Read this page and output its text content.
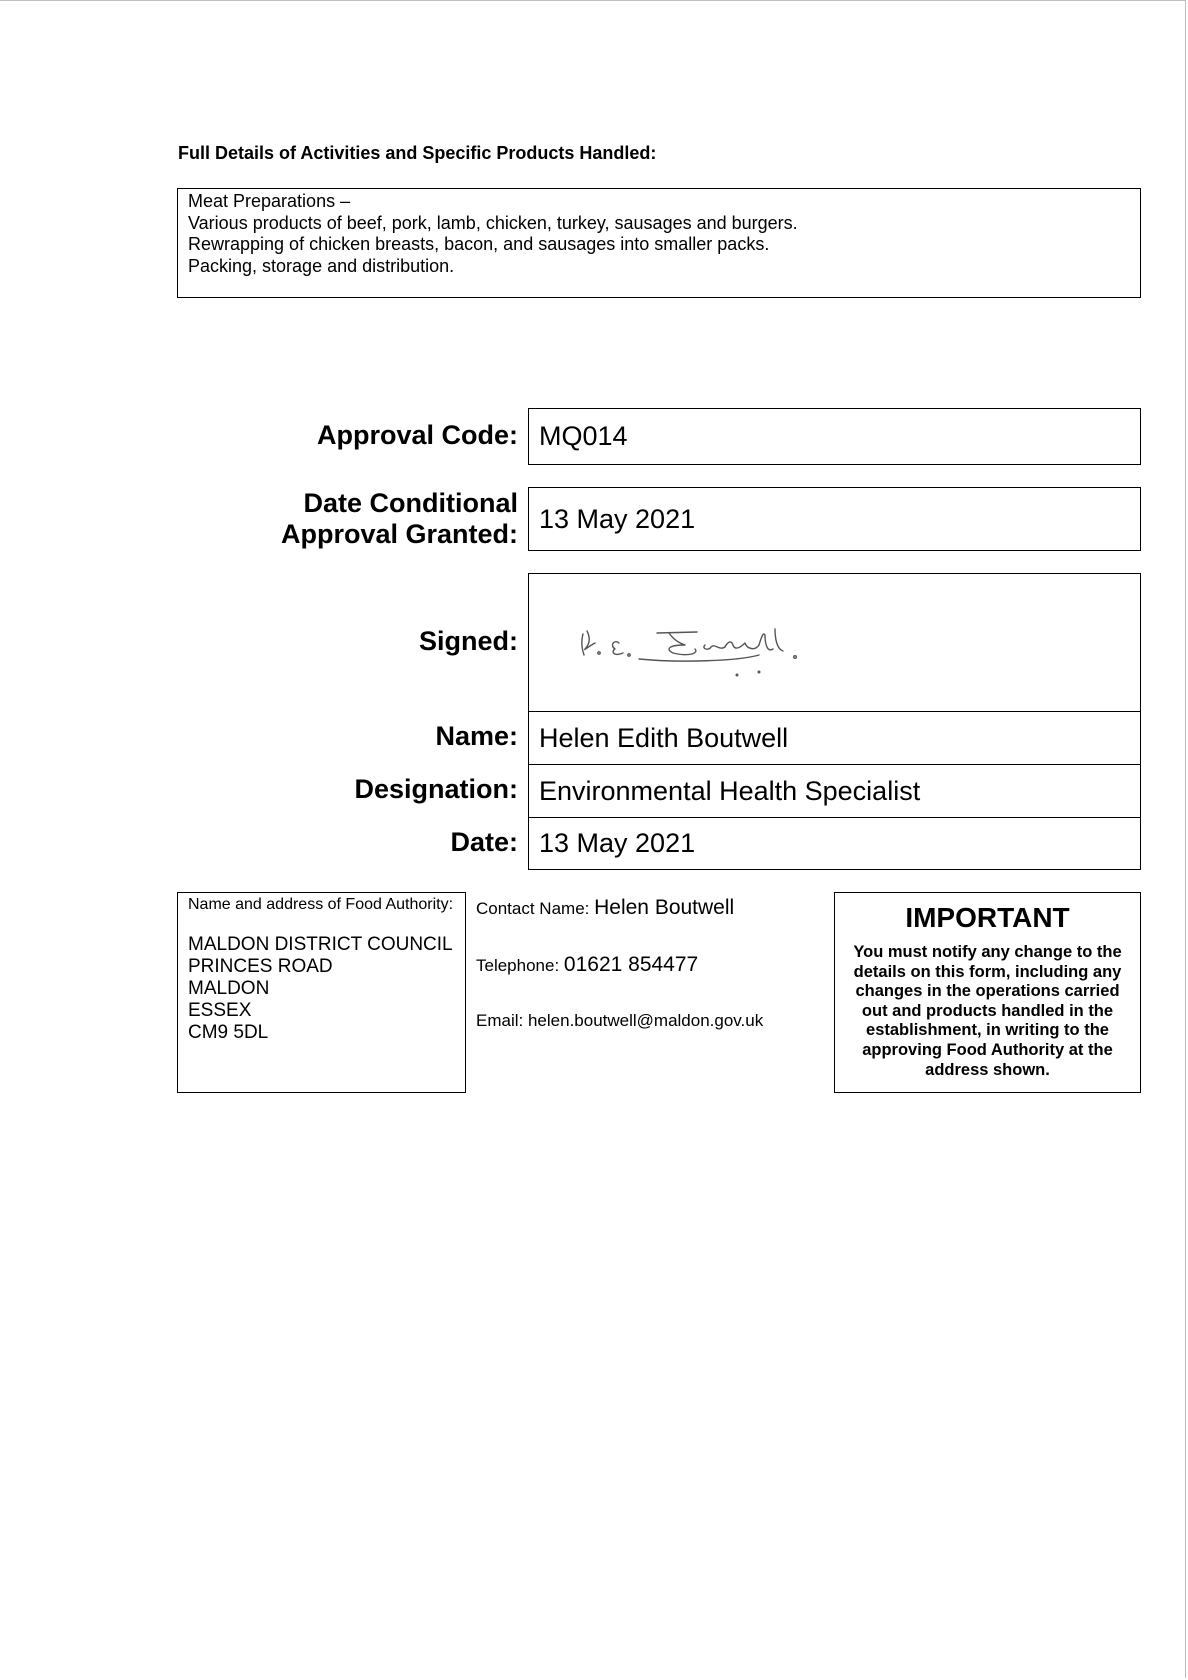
Full Details of Activities and Specific Products Handled:
Meat Preparations –
Various products of beef, pork, lamb, chicken, turkey, sausages and burgers.
Rewrapping of chicken breasts, bacon, and sausages into smaller packs.
Packing, storage and distribution.
Approval Code: MQ014
Date Conditional
Approval Granted:
13 May 2021
Signed:
Name: Helen Edith Boutwell
Designation: Environmental Health Specialist
Date: 13 May 2021
Name and address of Food Authority:
MALDON DISTRICT COUNCIL
PRINCES ROAD
MALDON
ESSEX
CM9 5DL
Contact Name: Helen Boutwell
Telephone: 01621 854477
Email: helen.boutwell@maldon.gov.uk
IMPORTANT
You must notify any change to the details on this form, including any changes in the operations carried out and products handled in the establishment, in writing to the approving Food Authority at the address shown.
